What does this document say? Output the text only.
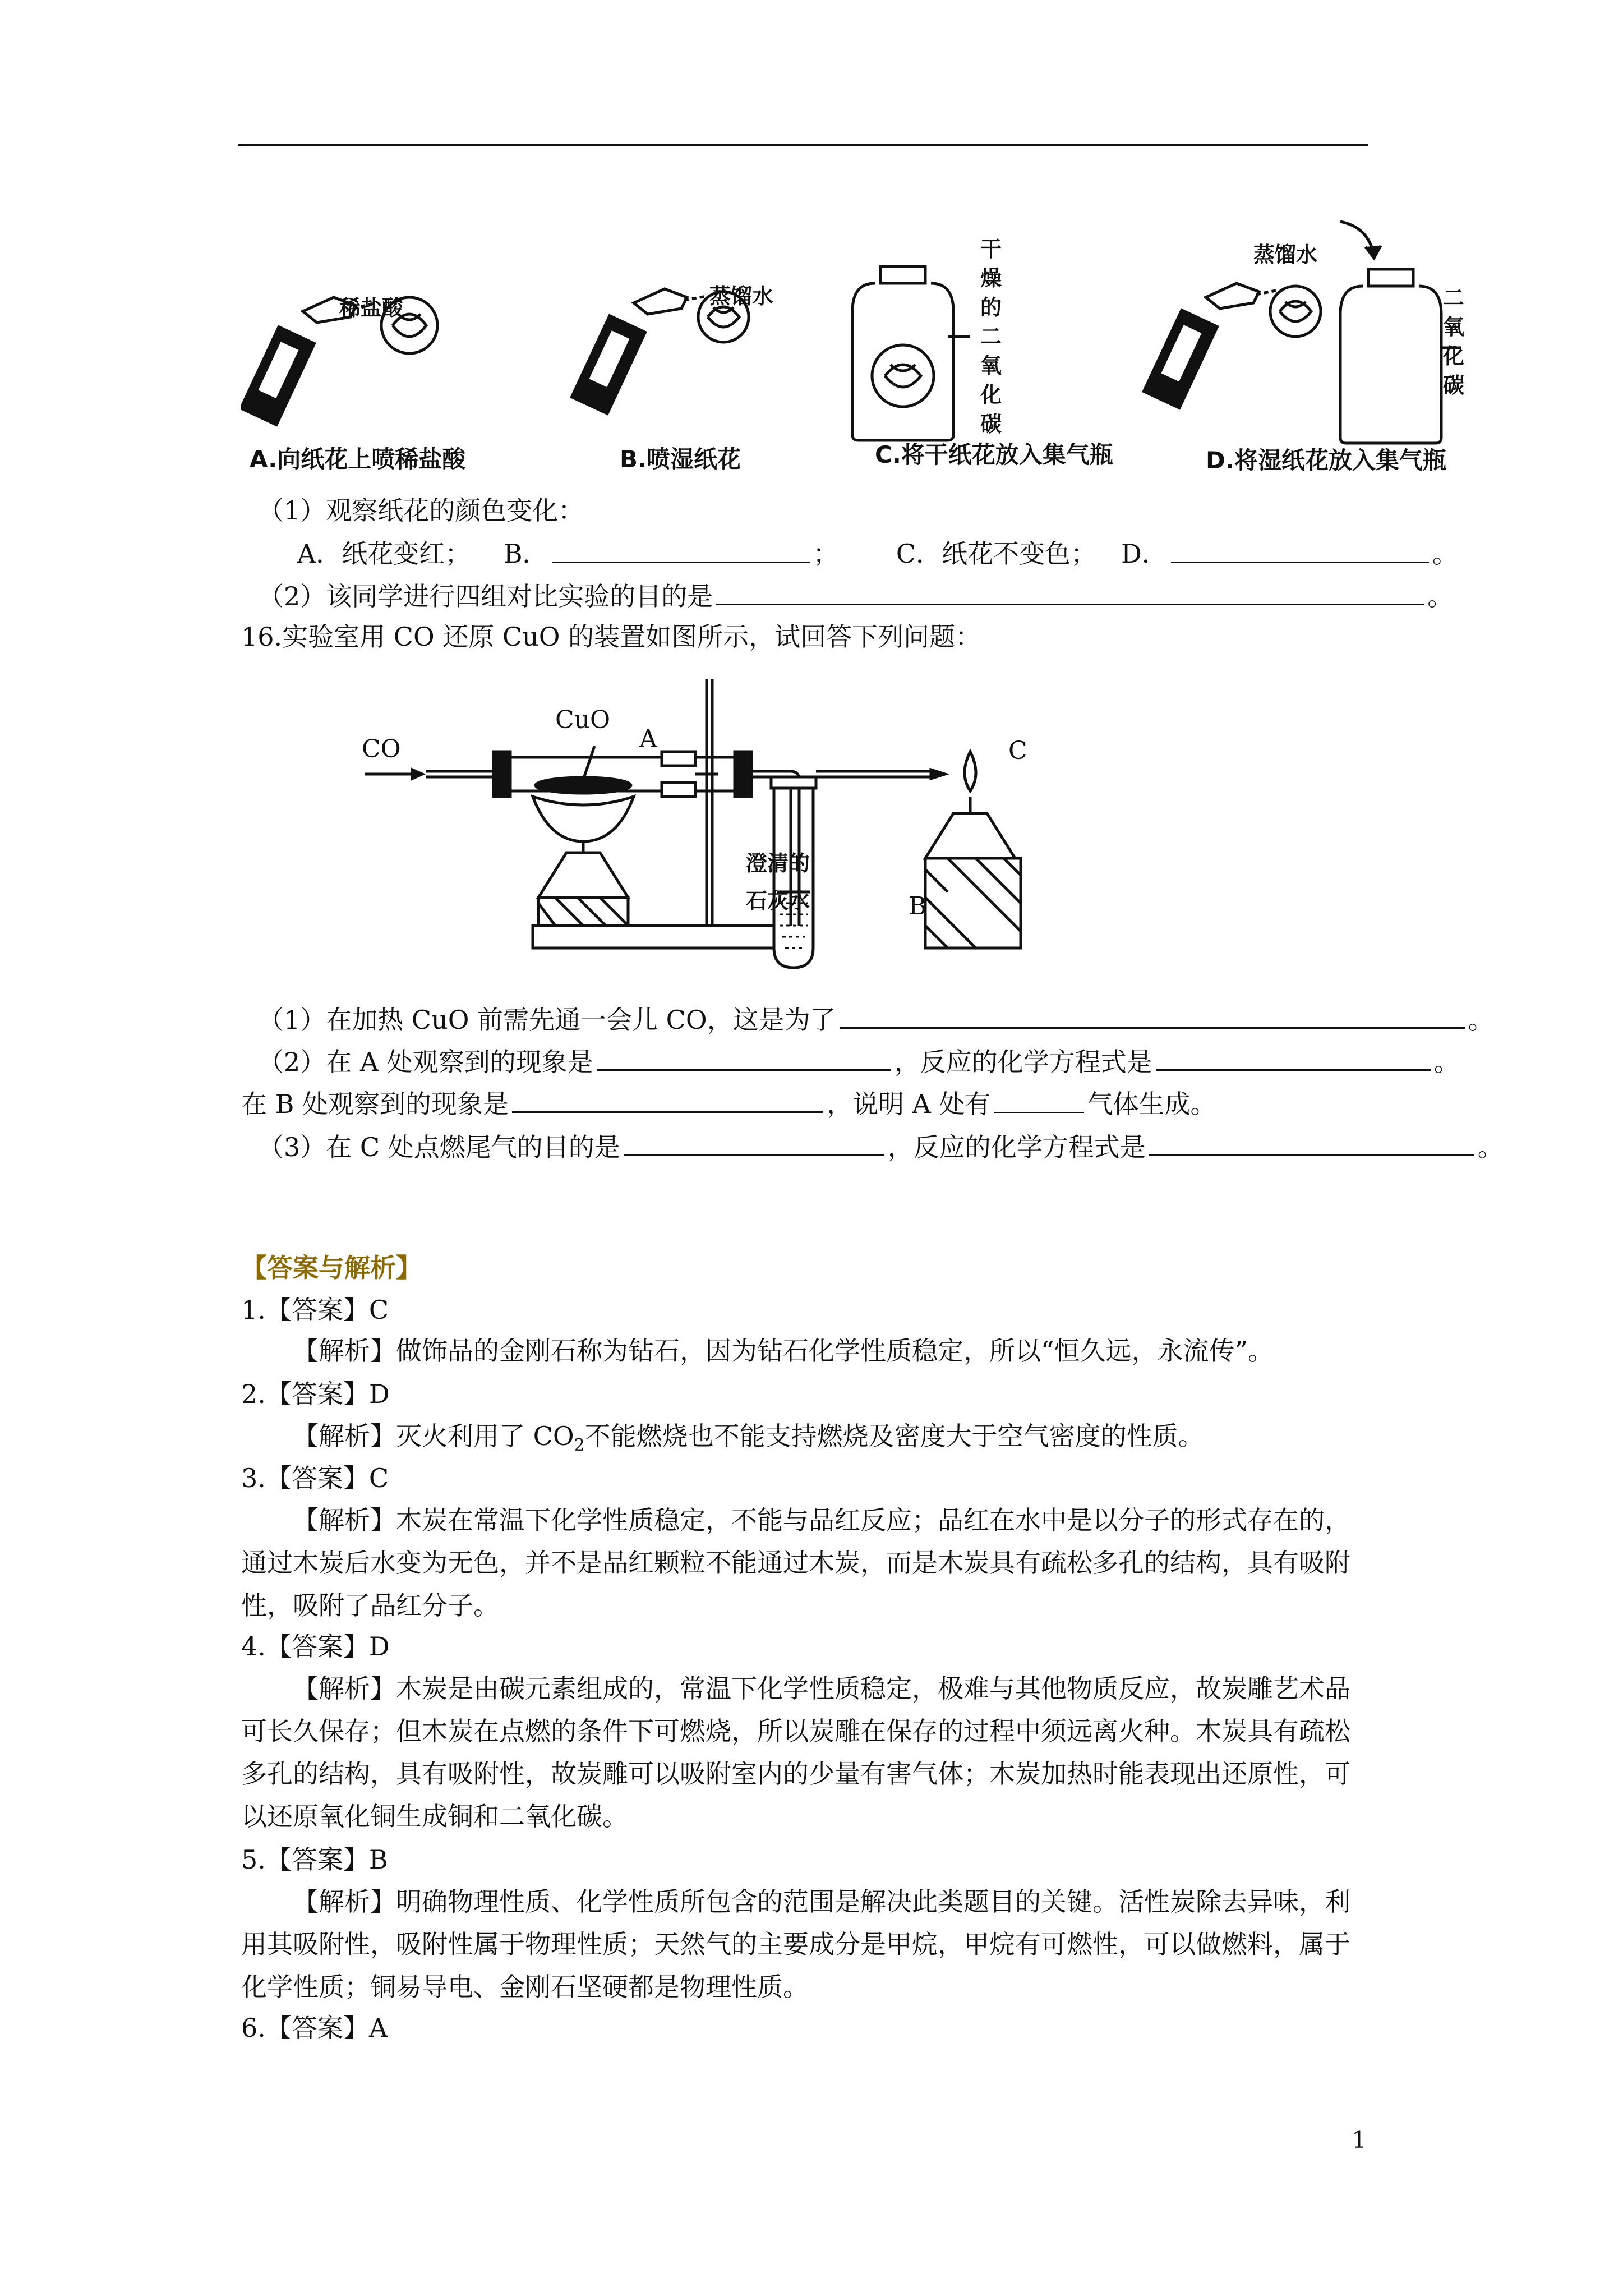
稀盐酸	蒸馏水
蒸馏水
干燥的二氧化碳
二氧化碳
A.向纸花上喷稀盐酸	B.喷湿纸花	C.将干纸花放入集气瓶	D.将湿纸花放入集气瓶
（1）观察纸花的颜色变化：
A．纸花变红； B．	； C．纸花不变色； D．	。
（2）该同学进行四组对比实验的目的是	。
16.实验室用 CO 还原 CuO 的装置如图所示，试回答下列问题：
CO
CuO
A	C
B
澄清的
石灰水
（1）在加热 CuO 前需先通一会儿 CO，这是为了	。
（2）在 A 处观察到的现象是	，反应的化学方程式是	。
在 B 处观察到的现象是	，说明 A 处有	气体生成。
（3）在 C 处点燃尾气的目的是	，反应的化学方程式是	。
【答案与解析】
1.【答案】C
【解析】做饰品的金刚石称为钻石，因为钻石化学性质稳定，所以“恒久远，永流传”。
2.【答案】D
【解析】灭火利用了 $CO_2$不能燃烧也不能支持燃烧及密度大于空气密度的性质。
3.【答案】C
【解析】木炭在常温下化学性质稳定，不能与品红反应；品红在水中是以分子的形式存在的，通过木炭后水变为无色，并不是品红颗粒不能通过木炭，而是木炭具有疏松多孔的结构，具有吸附性，吸附了品红分子。
4.【答案】D
【解析】木炭是由碳元素组成的，常温下化学性质稳定，极难与其他物质反应，故炭雕艺术品可长久保存；但木炭在点燃的条件下可燃烧，所以炭雕在保存的过程中须远离火种。木炭具有疏松多孔的结构，具有吸附性，故炭雕可以吸附室内的少量有害气体；木炭加热时能表现出还原性，可以还原氧化铜生成铜和二氧化碳。
5.【答案】B
【解析】明确物理性质、化学性质所包含的范围是解决此类题目的关键。活性炭除去异味，利用其吸附性，吸附性属于物理性质；天然气的主要成分是甲烷，甲烷有可燃性，可以做燃料，属于化学性质；铜易导电、金刚石坚硬都是物理性质。
6.【答案】A
1
